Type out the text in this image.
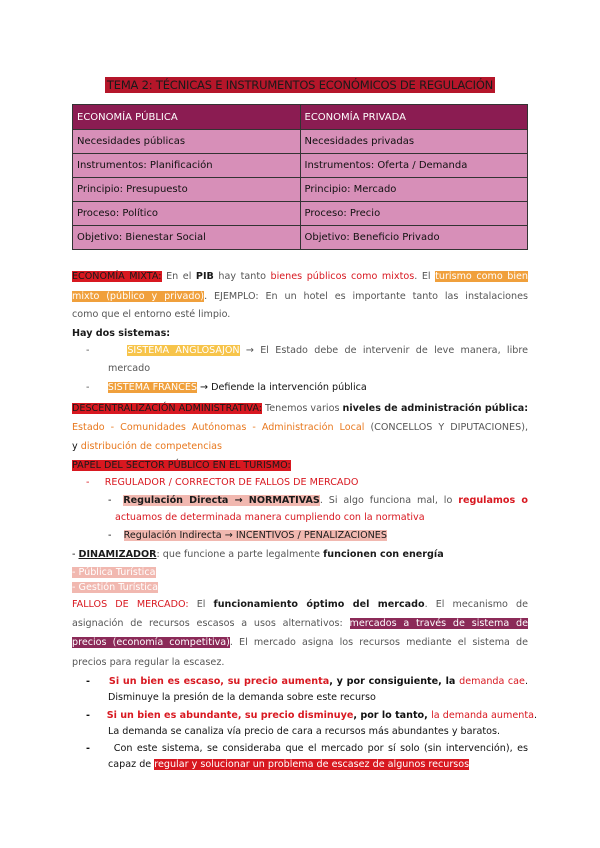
TEMA 2: TÉCNICAS E INSTRUMENTOS ECONÓMICOS DE REGULACIÓN
ECONOMÍA PÚBLICA	ECONOMÍA PRIVADA
Necesidades públicas	Necesidades privadas
Instrumentos: Planificación	Instrumentos: Oferta / Demanda
Principio: Presupuesto	Principio: Mercado
Proceso: Político	Proceso: Precio
Objetivo: Bienestar Social	Objetivo: Beneficio Privado
ECONOMÍA MIXTA: En el PIB hay tanto bienes públicos como mixtos. El turismo como bien
mixto (público y privado). EJEMPLO: En un hotel es importante tanto las instalaciones
como que el entorno esté limpio.
Hay dos sistemas:
-      SISTEMA ANGLOSAJÓN → El Estado debe de intervenir de leve manera, libre
mercado
-      SISTEMA FRANCÉS → Defiende la intervención pública
DESCENTRALIZACIÓN ADMINISTRATIVA: Tenemos varios niveles de administración pública:
Estado - Comunidades Autónomas - Administración Local (CONCELLOS Y DIPUTACIONES),
y distribución de competencias
PAPEL DEL SECTOR PÚBLICO EN EL TURISMO:
-     REGULADOR / CORRECTOR DE FALLOS DE MERCADO
-  Regulación Directa → NORMATIVAS. Si algo funciona mal, lo regulamos o
actuamos de determinada manera cumpliendo con la normativa
-    Regulación Indirecta → INCENTIVOS / PENALIZACIONES
- DINAMIZADOR: que funcione a parte legalmente funcionen con energía
- Pública Turística
- Gestión Turística
FALLOS DE MERCADO: El funcionamiento óptimo del mercado. El mecanismo de
asignación de recursos escasos a usos alternativos: mercados a través de sistema de
precios (economía competitiva). El mercado asigna los recursos mediante el sistema de
precios para regular la escasez.
-     Si un bien es escaso, su precio aumenta, y por consiguiente, la demanda cae.
Disminuye la presión de la demanda sobre este recurso
-     Si un bien es abundante, su precio disminuye, por lo tanto, la demanda aumenta.
La demanda se canaliza vía precio de cara a recursos más abundantes y baratos.
-     Con este sistema, se consideraba que el mercado por sí solo (sin intervención), es
capaz de regular y solucionar un problema de escasez de algunos recursos
